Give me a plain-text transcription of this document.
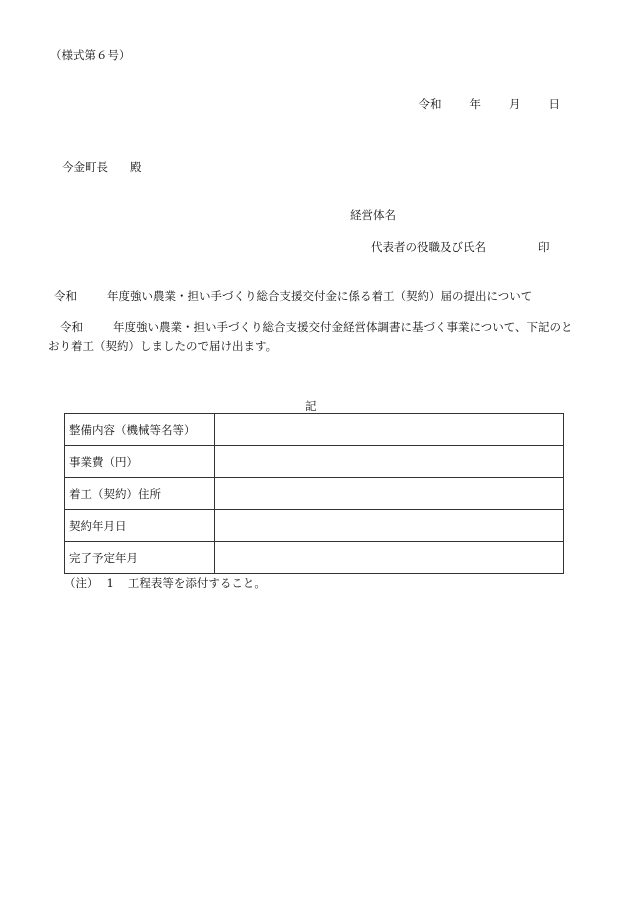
（様式第６号）
令和 年 月 日
今金町長 殿
経営体名
代表者の役職及び氏名	印
令和	年度強い農業・担い手づくり総合支援交付金に係る着工（契約）届の提出について
令和	年度強い農業・担い手づくり総合支援交付金経営体調書に基づく事業について、下記のとおり着工（契約）しましたので届け出ます。
記
整備内容（機械等名等）	
事業費（円）	
着工（契約）住所	
契約年月日	
完了予定年月	
（注） 1 工程表等を添付すること。
